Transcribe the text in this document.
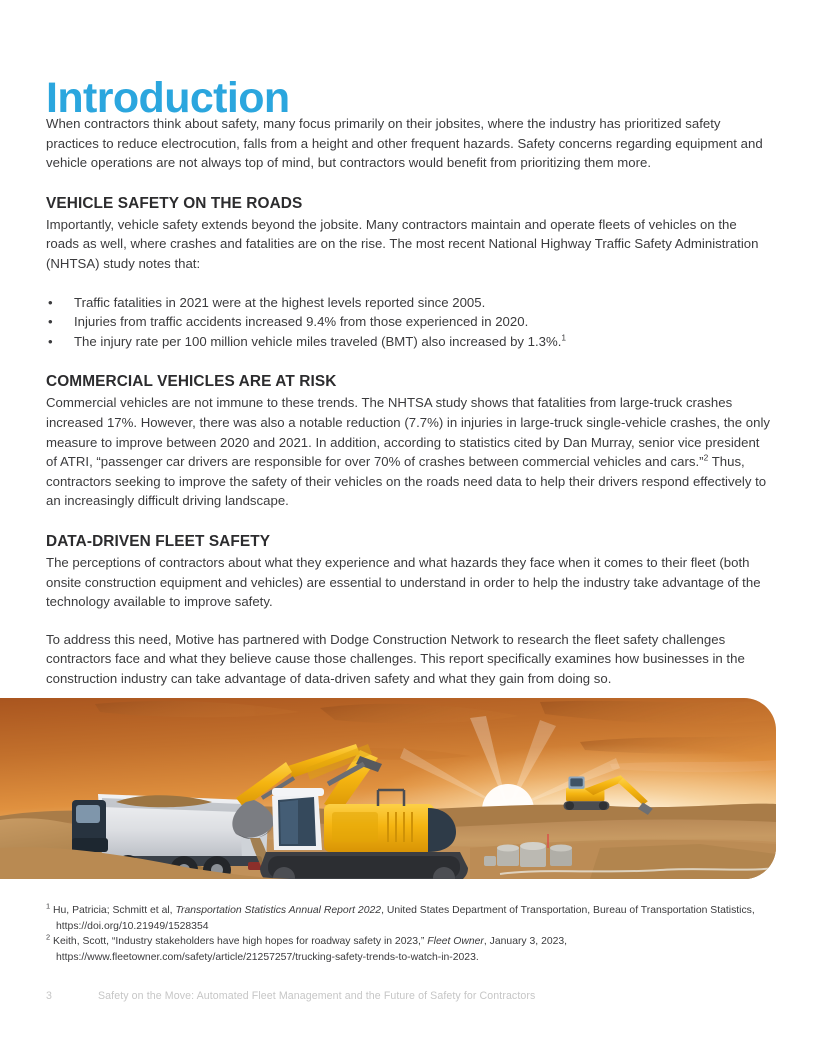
Introduction

When contractors think about safety, many focus primarily on their jobsites, where the industry has prioritized safety practices to reduce electrocution, falls from a height and other frequent hazards. Safety concerns regarding equipment and vehicle operations are not always top of mind, but contractors would benefit from prioritizing them more.

VEHICLE SAFETY ON THE ROADS

Importantly, vehicle safety extends beyond the jobsite. Many contractors maintain and operate fleets of vehicles on the roads as well, where crashes and fatalities are on the rise. The most recent National Highway Traffic Safety Administration (NHTSA) study notes that:

• Traffic fatalities in 2021 were at the highest levels reported since 2005.
• Injuries from traffic accidents increased 9.4% from those experienced in 2020.
• The injury rate per 100 million vehicle miles traveled (BMT) also increased by 1.3%.$^1$
COMMERCIAL VEHICLES ARE AT RISK

Commercial vehicles are not immune to these trends. The NHTSA study shows that fatalities from large-truck crashes increased 17%. However, there was also a notable reduction (7.7%) in injuries in large-truck single-vehicle crashes, the only measure to improve between 2020 and 2021. In addition, according to statistics cited by Dan Murray, senior vice president of ATRI, “passenger car drivers are responsible for over 70% of crashes between commercial vehicles and cars.”$^2$ Thus, contractors seeking to improve the safety of their vehicles on the roads need data to help their drivers respond effectively to an increasingly difficult driving landscape.

DATA-DRIVEN FLEET SAFETY

The perceptions of contractors about what they experience and what hazards they face when it comes to their fleet (both onsite construction equipment and vehicles) are essential to understand in order to help the industry take advantage of the technology available to improve safety.

To address this need, Motive has partnered with Dodge Construction Network to research the fleet safety challenges contractors face and what they believe cause those challenges. This report specifically examines how businesses in the construction industry can take advantage of data-driven safety and what they gain from doing so.

$^1$ Hu, Patricia; Schmitt et al, Transportation Statistics Annual Report 2022, United States Department of Transportation, Bureau of Transportation Statistics, https://doi.org/10.21949/1528354

$^2$ Keith, Scott, “Industry stakeholders have high hopes for roadway safety in 2023,” Fleet Owner, January 3, 2023, https://www.fleetowner.com/safety/article/21257257/trucking-safety-trends-to-watch-in-2023.

3	Safety on the Move: Automated Fleet Management and the Future of Safety for Contractors
